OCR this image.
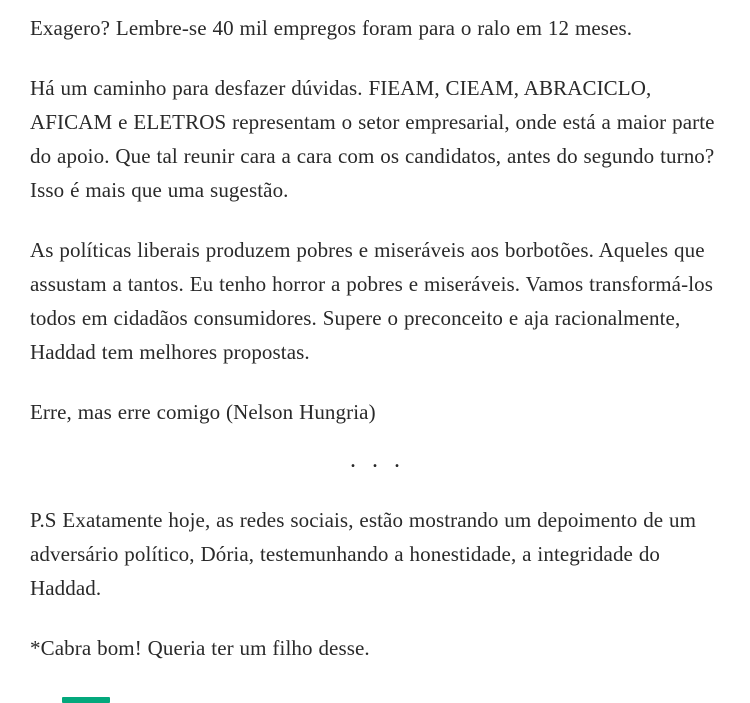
Exagero? Lembre-se 40 mil empregos foram para o ralo em 12 meses.

Há um caminho para desfazer dúvidas. FIEAM, CIEAM, ABRACICLO, AFICAM e ELETROS representam o setor empresarial, onde está a maior parte do apoio. Que tal reunir cara a cara com os candidatos, antes do segundo turno? Isso é mais que uma sugestão.

As políticas liberais produzem pobres e miseráveis aos borbotões. Aqueles que assustam a tantos. Eu tenho horror a pobres e miseráveis. Vamos transformá-los todos em cidadãos consumidores. Supere o preconceito e aja racionalmente, Haddad tem melhores propostas.

Erre, mas erre comigo (Nelson Hungria)

...

P.S Exatamente hoje, as redes sociais, estão mostrando um depoimento de um adversário político, Dória, testemunhando a honestidade, a integridade do Haddad.

*Cabra bom! Queria ter um filho desse.
